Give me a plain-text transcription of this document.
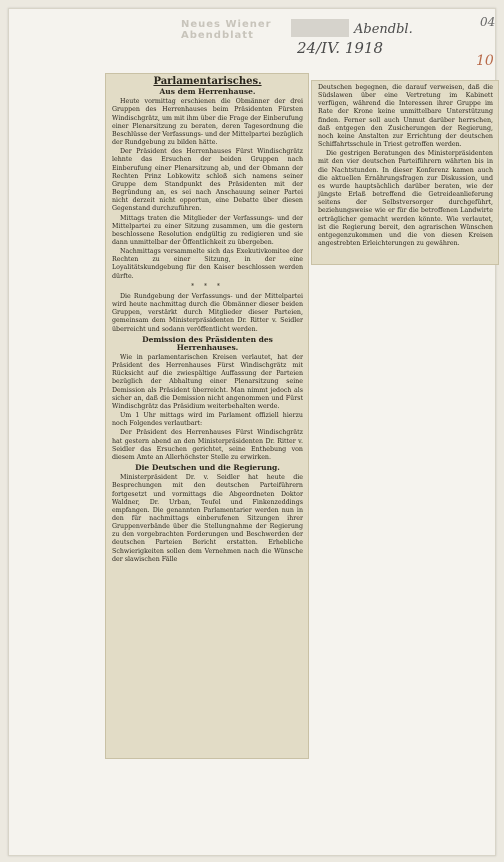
Neues Wiener Abendblatt	Abendbl.
24/IV. 1918
04
10
Parlamentarisches.
Aus dem Herrenhause.

Heute vormittag erschienen die Obmänner der drei Gruppen des Herrenhauses beim Präsidenten Fürsten Windischgrätz, um mit ihm über die Frage der Einberufung einer Plenarsitzung zu beraten, deren Tagesordnung die Beschlüsse der Verfassungs- und der Mittelpartei bezüglich der Rundgebung zu bilden hätte.

Der Präsident des Herrenhauses Fürst Windischgrätz lehnte das Ersuchen der beiden Gruppen nach Einberufung einer Plenarsitzung ab, und der Obmann der Rechten Prinz Lobkowitz schloß sich namens seiner Gruppe dem Standpunkt des Präsidenten mit der Begründung an, es sei nach Anschauung seiner Partei nicht derzeit nicht opportun, eine Debatte über diesen Gegenstand durchzuführen.

Mittags traten die Mitglieder der Verfassungs- und der Mittelpartei zu einer Sitzung zusammen, um die gestern beschlossene Resolution endgültig zu redigieren und sie dann unmittelbar der Öffentlichkeit zu übergeben.

Nachmittags versammelte sich das Exekutivkomitee der Rechten zu einer Sitzung, in der eine Loyalitätskundgebung für den Kaiser beschlossen werden dürfte.

* * *

Die Rundgebung der Verfassungs- und der Mittelpartei wird heute nachmittag durch die Obmänner dieser beiden Gruppen, verstärkt durch Mitglieder dieser Parteien, gemeinsam dem Ministerpräsidenten Dr. Ritter v. Seidler überreicht und sodann veröffentlicht werden.

Demission des Präsidenten des Herrenhauses.

Wie in parlamentarischen Kreisen verlautet, hat der Präsident des Herrenhauses Fürst Windischgrätz mit Rücksicht auf die zwiespältige Auffassung der Parteien bezüglich der Abhaltung einer Plenarsitzung seine Demission als Präsident überreicht. Man nimmt jedoch als sicher an, daß die Demission nicht angenommen und Fürst Windischgrätz das Präsidium weiterbehalten werde.

Um 1 Uhr mittags wird im Parlament offiziell hierzu noch Folgendes verlautbart:

Der Präsident des Herrenhauses Fürst Windischgrätz hat gestern abend an den Ministerpräsidenten Dr. Ritter v. Seidler das Ersuchen gerichtet, seine Enthebung von diesem Amte an Allerhöchster Stelle zu erwirken.

Die Deutschen und die Regierung.

Ministerpräsident Dr. v. Seidler hat heute die Besprechungen mit den deutschen Parteiführern fortgesetzt und vormittags die Abgeordneten Doktor Waldner, Dr. Urban, Teufel und Finkenzeddings empfangen. Die genannten Parlamentarier werden nun in den für nachmittags einberufenen Sitzungen ihrer Gruppenverbände über die Stellungnahme der Regierung zu den vorgebrachten Forderungen und Beschwerden der deutschen Parteien Bericht erstatten. Erhebliche Schwierigkeiten sollen dem Vernehmen nach die Wünsche der slawischen Fälle

Deutschen begegnen, die darauf verweisen, daß die Südslawen über eine Vertretung im Kabinett verfügen, während die Interessen ihrer Gruppe im Rate der Krone keine unmittelbare Unterstützung finden. Ferner soll auch Unmut darüber herrschen, daß entgegen den Zusicherungen der Regierung, noch keine Anstalten zur Errichtung der deutschen Schiffahrtsschule in Triest getroffen werden.

Die gestrigen Beratungen des Ministerpräsidenten mit den vier deutschen Parteiführern währten bis in die Nachtstunden. In dieser Konferenz kamen auch die aktuellen Ernährungsfragen zur Diskussion, und es wurde hauptsächlich darüber beraten, wie der jüngste Erlaß betreffend die Getreideanlieferung seitens der Selbstversorger durchgeführt, beziehungsweise wie er für die betroffenen Landwirte erträglicher gemacht werden könnte. Wie verlautet, ist die Regierung bereit, den agrarischen Wünschen entgegenzukommen und die von diesen Kreisen angestrebten Erleichterungen zu gewähren.
